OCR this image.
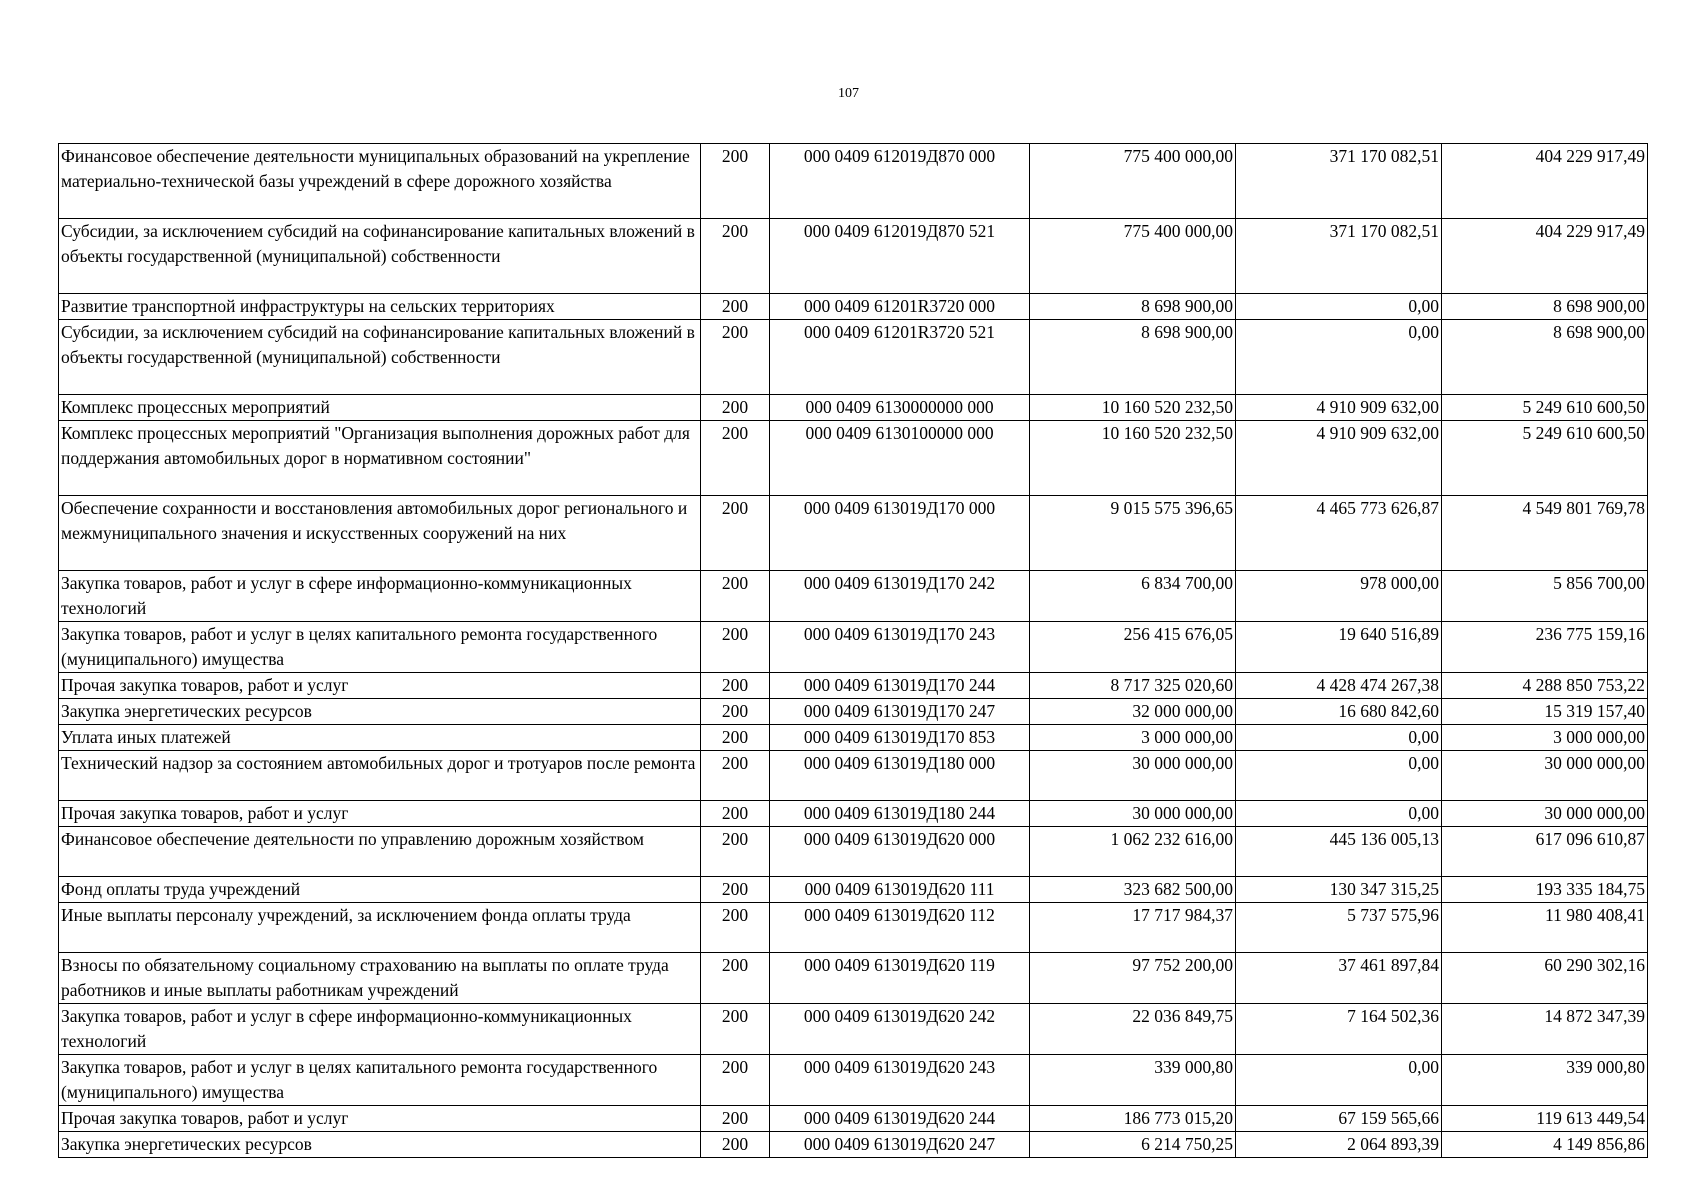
107
Финансовое обеспечение деятельности муниципальных образований на укрепление материально-технической базы учреждений в сфере дорожного хозяйства	200	000 0409 612019Д870 000	775 400 000,00	371 170 082,51	404 229 917,49
Субсидии, за исключением субсидий на софинансирование капитальных вложений в объекты государственной (муниципальной) собственности	200	000 0409 612019Д870 521	775 400 000,00	371 170 082,51	404 229 917,49
Развитие транспортной инфраструктуры на сельских территориях	200	000 0409 61201R3720 000	8 698 900,00	0,00	8 698 900,00
Субсидии, за исключением субсидий на софинансирование капитальных вложений в объекты государственной (муниципальной) собственности	200	000 0409 61201R3720 521	8 698 900,00	0,00	8 698 900,00
Комплекс процессных мероприятий	200	000 0409 6130000000 000	10 160 520 232,50	4 910 909 632,00	5 249 610 600,50
Комплекс процессных мероприятий "Организация выполнения дорожных работ для поддержания автомобильных дорог в нормативном состоянии"	200	000 0409 6130100000 000	10 160 520 232,50	4 910 909 632,00	5 249 610 600,50
Обеспечение сохранности и восстановления автомобильных дорог регионального и межмуниципального значения и искусственных сооружений на них	200	000 0409 613019Д170 000	9 015 575 396,65	4 465 773 626,87	4 549 801 769,78
Закупка товаров, работ и услуг в сфере информационно-коммуникационных технологий	200	000 0409 613019Д170 242	6 834 700,00	978 000,00	5 856 700,00
Закупка товаров, работ и услуг в целях капитального ремонта государственного (муниципального) имущества	200	000 0409 613019Д170 243	256 415 676,05	19 640 516,89	236 775 159,16
Прочая закупка товаров, работ и услуг	200	000 0409 613019Д170 244	8 717 325 020,60	4 428 474 267,38	4 288 850 753,22
Закупка энергетических ресурсов	200	000 0409 613019Д170 247	32 000 000,00	16 680 842,60	15 319 157,40
Уплата иных платежей	200	000 0409 613019Д170 853	3 000 000,00	0,00	3 000 000,00
Технический надзор за состоянием автомобильных дорог и тротуаров после ремонта	200	000 0409 613019Д180 000	30 000 000,00	0,00	30 000 000,00
Прочая закупка товаров, работ и услуг	200	000 0409 613019Д180 244	30 000 000,00	0,00	30 000 000,00
Финансовое обеспечение деятельности по управлению дорожным хозяйством	200	000 0409 613019Д620 000	1 062 232 616,00	445 136 005,13	617 096 610,87
Фонд оплаты труда учреждений	200	000 0409 613019Д620 111	323 682 500,00	130 347 315,25	193 335 184,75
Иные выплаты персоналу учреждений, за исключением фонда оплаты труда	200	000 0409 613019Д620 112	17 717 984,37	5 737 575,96	11 980 408,41
Взносы по обязательному социальному страхованию на выплаты по оплате труда работников и иные выплаты работникам учреждений	200	000 0409 613019Д620 119	97 752 200,00	37 461 897,84	60 290 302,16
Закупка товаров, работ и услуг в сфере информационно-коммуникационных технологий	200	000 0409 613019Д620 242	22 036 849,75	7 164 502,36	14 872 347,39
Закупка товаров, работ и услуг в целях капитального ремонта государственного (муниципального) имущества	200	000 0409 613019Д620 243	339 000,80	0,00	339 000,80
Прочая закупка товаров, работ и услуг	200	000 0409 613019Д620 244	186 773 015,20	67 159 565,66	119 613 449,54
Закупка энергетических ресурсов	200	000 0409 613019Д620 247	6 214 750,25	2 064 893,39	4 149 856,86
